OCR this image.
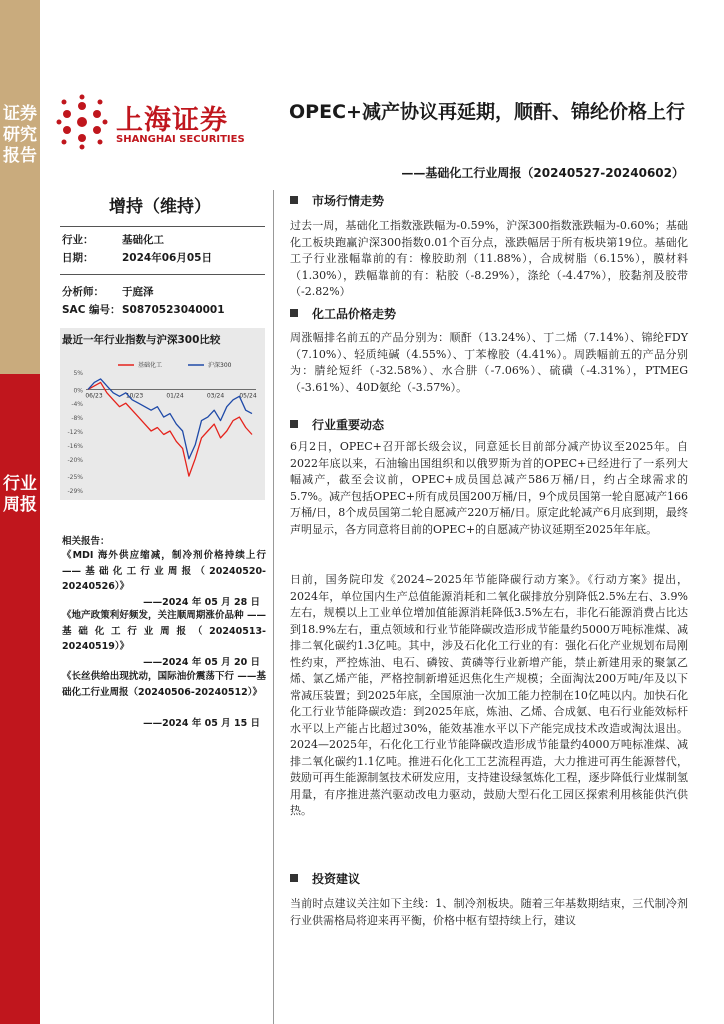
证券研究报告
行业周报
上海证券
SHANGHAI SECURITIES
OPEC+减产协议再延期，顺酐、锦纶价格上行
——基础化工行业周报（20240527-20240602）
增持（维持）
行业：	基础化工
日期：	2024年06月05日
分析师： 于庭泽
SAC 编号：S0870523040001
最近一年行业指数与沪深300比较
5%
0%
-4%
-8%
-12%
-16%
-20%
-25%
-29%
06/23	10/23	01/24	03/24	05/24
基础化工	沪深300
相关报告：
《MDI 海外供应缩减，制冷剂价格持续上行 ——基础化工行业周报（20240520-20240526）》
——2024 年 05 月 28 日
《地产政策利好频发，关注顺周期涨价品种 ——基础化工行业周报（20240513-20240519）》
——2024 年 05 月 20 日
《长丝供给出现扰动，国际油价震荡下行 ——基础化工行业周报（20240506-20240512）》
——2024 年 05 月 15 日
市场行情走势
过去一周，基础化工指数涨跌幅为-0.59%，沪深300指数涨跌幅为-0.60%；基础化工板块跑赢沪深300指数0.01个百分点，涨跌幅居于所有板块第19位。基础化工子行业涨幅靠前的有：橡胶助剂（11.88%），合成树脂（6.15%），膜材料（1.30%），跌幅靠前的有：粘胶（-8.29%），涤纶（-4.47%），胶黏剂及胶带（-2.82%）
化工品价格走势
周涨幅排名前五的产品分别为：顺酐（13.24%）、丁二烯（7.14%）、锦纶FDY（7.10%）、轻质纯碱（4.55%）、丁苯橡胶（4.41%）。周跌幅前五的产品分别为：腈纶短纤（-32.58%）、水合肼（-7.06%）、硫磺（-4.31%），PTMEG（-3.61%）、40D氨纶（-3.57%）。
行业重要动态
6月2日，OPEC+召开部长级会议，同意延长目前部分减产协议至2025年。自2022年底以来，石油输出国组织和以俄罗斯为首的OPEC+已经进行了一系列大幅减产，截至会议前，OPEC+成员国总减产586万桶/日，约占全球需求的5.7%。减产包括OPEC+所有成员国200万桶/日，9个成员国第一轮自愿减产166万桶/日，8个成员国第二轮自愿减产220万桶/日。原定此轮减产6月底到期，最终声明显示，各方同意将目前的OPEC+的自愿减产协议延期至2025年年底。
日前，国务院印发《2024~2025年节能降碳行动方案》。《行动方案》提出，2024年，单位国内生产总值能源消耗和二氧化碳排放分别降低2.5%左右、3.9%左右，规模以上工业单位增加值能源消耗降低3.5%左右，非化石能源消费占比达到18.9%左右，重点领域和行业节能降碳改造形成节能量约5000万吨标准煤、减排二氧化碳约1.3亿吨。其中，涉及石化化工行业的有：强化石化产业规划布局刚性约束，严控炼油、电石、磷铵、黄磷等行业新增产能，禁止新建用汞的聚氯乙烯、氯乙烯产能，严格控制新增延迟焦化生产规模；全面淘汰200万吨/年及以下常减压装置；到2025年底，全国原油一次加工能力控制在10亿吨以内。加快石化化工行业节能降碳改造：到2025年底，炼油、乙烯、合成氨、电石行业能效标杆水平以上产能占比超过30%，能效基准水平以下产能完成技术改造或淘汰退出。2024—2025年，石化化工行业节能降碳改造形成节能量约4000万吨标准煤、减排二氧化碳约1.1亿吨。推进石化化工工艺流程再造，大力推进可再生能源替代，鼓励可再生能源制氢技术研发应用，支持建设绿氢炼化工程，逐步降低行业煤制氢用量，有序推进蒸汽驱动改电力驱动，鼓励大型石化工园区探索利用核能供汽供热。
投资建议
当前时点建议关注如下主线：1、制冷剂板块。随着三年基数期结束，三代制冷剂行业供需格局将迎来再平衡，价格中枢有望持续上行，建议
